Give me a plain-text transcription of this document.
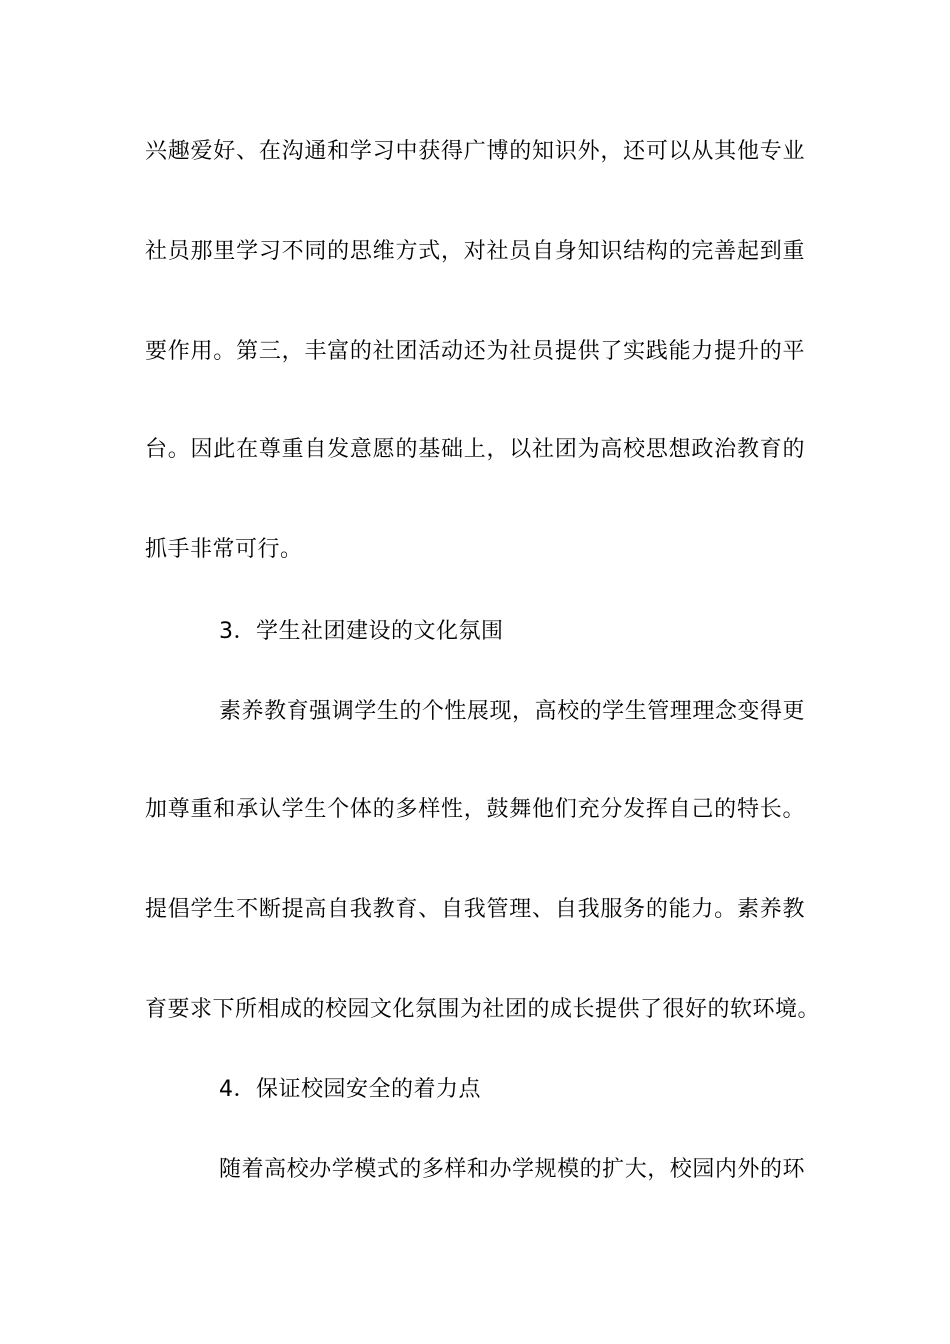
兴趣爱好、在沟通和学习中获得广博的知识外，还可以从其他专业
社员那里学习不同的思维方式，对社员自身知识结构的完善起到重
要作用。第三，丰富的社团活动还为社员提供了实践能力提升的平
台。因此在尊重自发意愿的基础上，以社团为高校思想政治教育的
抓手非常可行。
3．学生社团建设的文化氛围
素养教育强调学生的个性展现，高校的学生管理理念变得更
加尊重和承认学生个体的多样性，鼓舞他们充分发挥自己的特长。
提倡学生不断提高自我教育、自我管理、自我服务的能力。素养教
育要求下所相成的校园文化氛围为社团的成长提供了很好的软环境。
4．保证校园安全的着力点
随着高校办学模式的多样和办学规模的扩大，校园内外的环
